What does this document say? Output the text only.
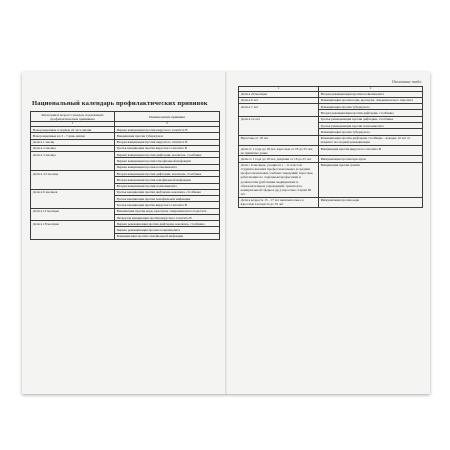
Национальный календарь профилактических прививок
Категории и возраст граждан, подлежащих профилактическим прививкам	Наименование прививки
1	2
Новорожденные в первые 24 часа жизни	Первая вакцинация против вирусного гепатита В
Новорожденные на 3 - 7 день жизни	Вакцинация против туберкулеза
Дети в 1 месяц	Вторая вакцинация против вирусного гепатита В
Дети в 2 месяца	Третья вакцинация против вирусного гепатита В
Дети в 3 месяца	Первая вакцинация против дифтерии, коклюша, столбняка
	Первая вакцинация против гемофильной инфекции
	Первая вакцинация против полиомиелита
Дети в 4,5 месяца	Вторая вакцинация против дифтерии, коклюша, столбняка
	Вторая вакцинация против гемофильной инфекции
	Вторая вакцинация против полиомиелита
Дети в 6 месяцев	Третья вакцинация против дифтерии, коклюша, столбняка
	Третья вакцинация против гемофильной инфекции
	Третья вакцинация против вирусного гепатита В
Дети в 12 месяцев	Вакцинация против кори, краснухи, эпидемического паротита
	Четвертая вакцинация против вирусного гепатита В
Дети в 18 месяцев	Первая ревакцинация против дифтерии, коклюша, столбняка
	Первая ревакцинация против полиомиелита
	Ревакцинация против гемофильной инфекции
Окончание табл.
1	2
Дети в 20 месяцев	Вторая ревакцинация против полиомиелита
Дети в 6 лет	Ревакцинация против кори, краснухи, эпидемического паротита
Дети в 7 лет	Ревакцинация против туберкулеза
	Вторая ревакцинация против дифтерии, столбняка
Дети в 14 лет	Третья ревакцинация против дифтерии, столбняка
	Третья ревакцинация против полиомиелита
	Ревакцинация против туберкулеза
Взрослые от 18 лет	Ревакцинация против дифтерии, столбняка - каждые 10 лет от момента последней ревакцинации
Дети от 1 года до 18 лет, взрослые от 18 до 55 лет, не привитые ранее	Вакцинация против вирусного гепатита В
Дети от 1 года до 18 лет, девушки от 18 до 25 лет	Иммунизация против краснухи
Дети с 6 месяцев, учащиеся 1 - 11 классов; студенты высших профессиональных и средних профессиональных учебных заведений; взрослые, работающие по отдельным профессиям и должностям (работники медицинских и образовательных учреждений, транспорта, коммунальной сферы и др.); взрослые старше 60 лет	Вакцинация против гриппа
Дети в возрасте 15 - 17 лет включительно и взрослые в возрасте до 35 лет	Иммунизация против кори
